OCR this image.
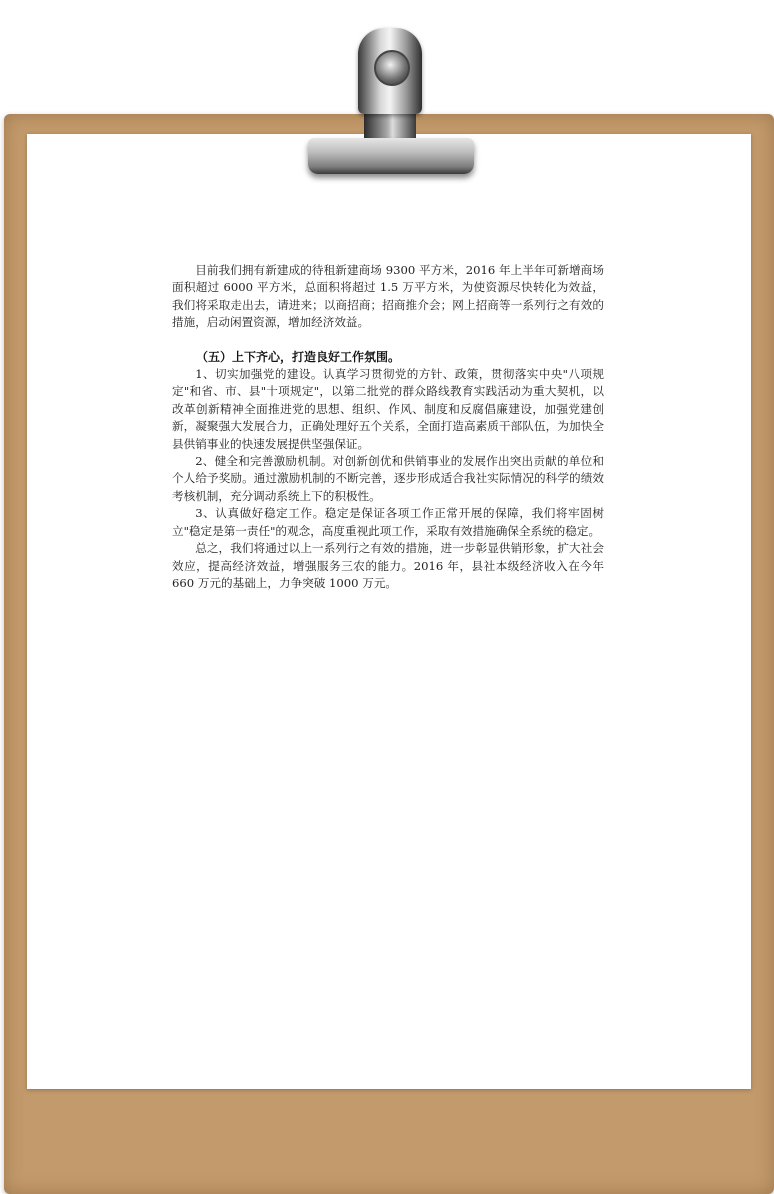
目前我们拥有新建成的待租新建商场 9300 平方米，2016 年上半年可新增商场面积超过 6000 平方米，总面积将超过 1.5 万平方米，为使资源尽快转化为效益，我们将采取走出去，请进来；以商招商；招商推介会；网上招商等一系列行之有效的措施，启动闲置资源，增加经济效益。

（五）上下齐心，打造良好工作氛围。

1、切实加强党的建设。认真学习贯彻党的方针、政策，贯彻落实中央"八项规定"和省、市、县"十项规定"，以第二批党的群众路线教育实践活动为重大契机，以改革创新精神全面推进党的思想、组织、作风、制度和反腐倡廉建设，加强党建创新，凝聚强大发展合力，正确处理好五个关系，全面打造高素质干部队伍，为加快全县供销事业的快速发展提供坚强保证。

2、健全和完善激励机制。对创新创优和供销事业的发展作出突出贡献的单位和个人给予奖励。通过激励机制的不断完善，逐步形成适合我社实际情况的科学的绩效考核机制，充分调动系统上下的积极性。

3、认真做好稳定工作。稳定是保证各项工作正常开展的保障，我们将牢固树立"稳定是第一责任"的观念，高度重视此项工作，采取有效措施确保全系统的稳定。

总之，我们将通过以上一系列行之有效的措施，进一步彰显供销形象，扩大社会效应，提高经济效益，增强服务三农的能力。2016 年，县社本级经济收入在今年 660 万元的基础上，力争突破 1000 万元。
